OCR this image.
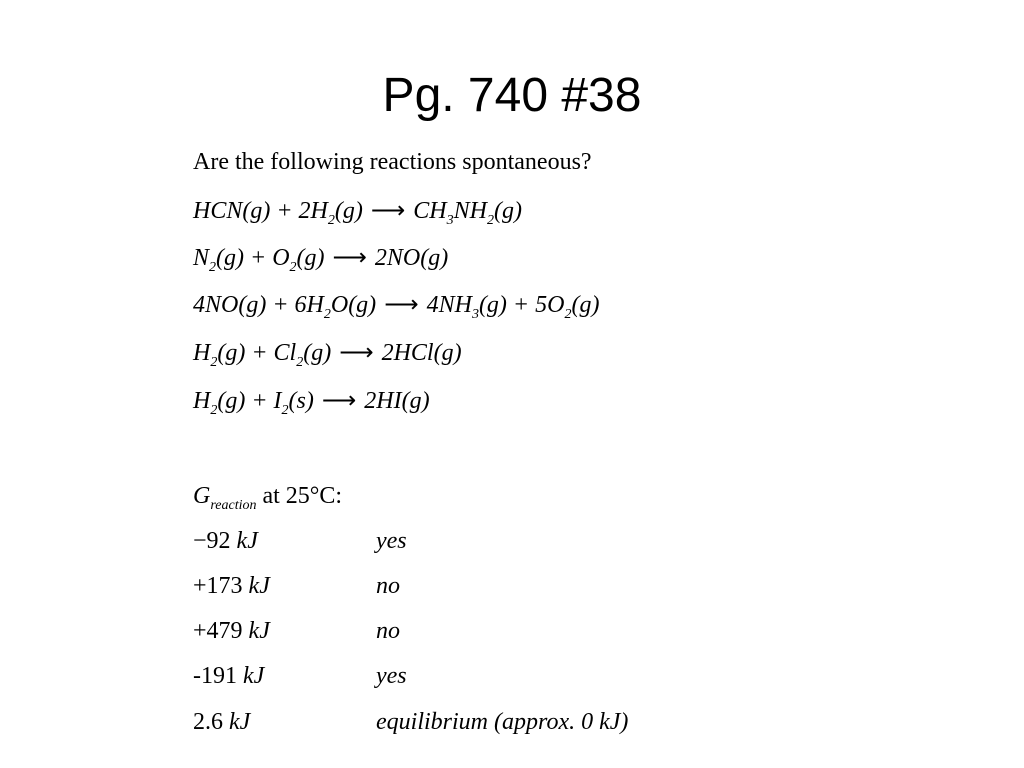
Pg. 740 #38
Are the following reactions spontaneous?
$HCN(g) + 2H_2(g)$ ⟶ $CH_3NH_2(g)$
$N_2(g) + O_2(g)$ ⟶ 2NO(g)
$4NO(g) + 6H_2O(g)$ ⟶ $4NH_3(g) + 5O_2(g)$
$H_2(g) + Cl_2(g)$ ⟶ 2HCl(g)
$H_2(g) + I_2(s)$ ⟶ 2HI(g)
$G_{reaction}$ at 25°C:
−92 kJ	yes
+173 kJ	no
+479 kJ	no
-191 kJ	yes
2.6 kJ	equilibrium (approx. 0 kJ)
